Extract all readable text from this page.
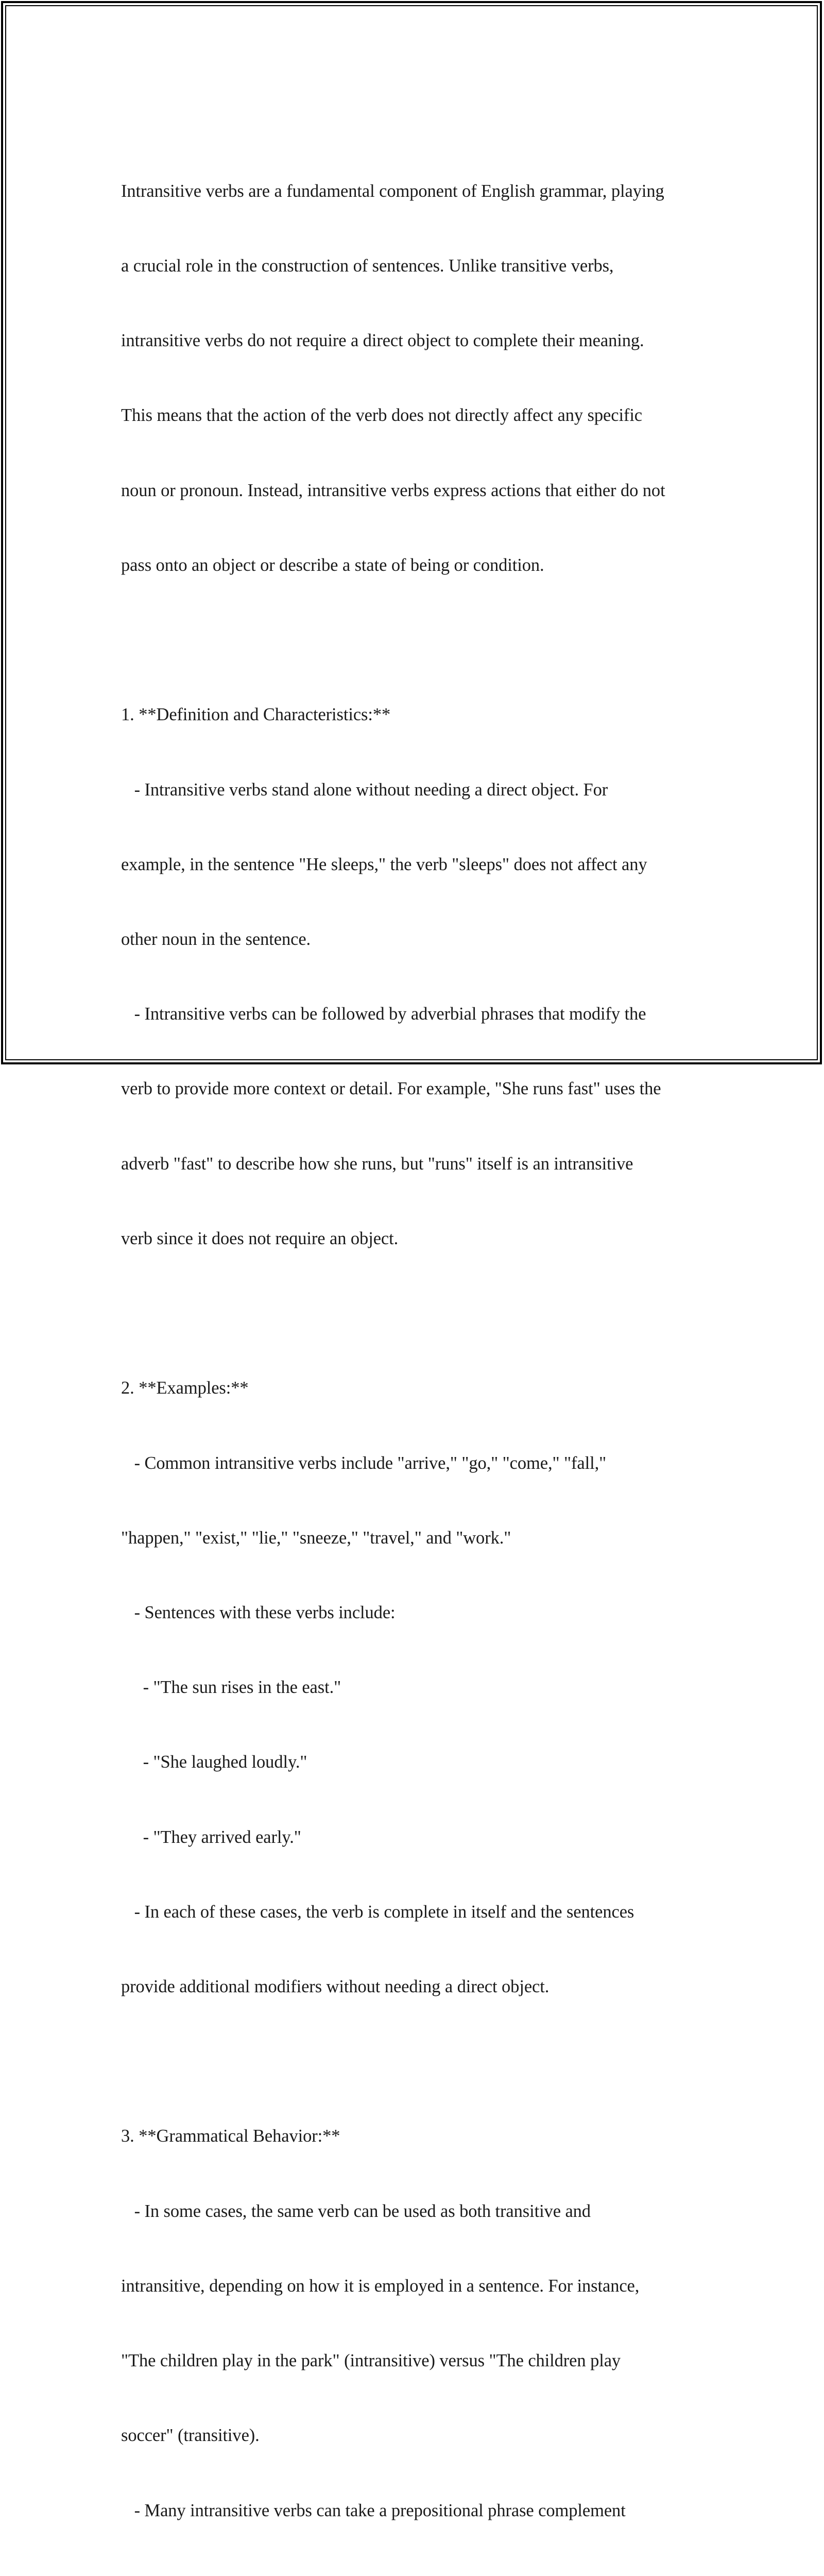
Intransitive verbs are a fundamental component of English grammar, playing

a crucial role in the construction of sentences. Unlike transitive verbs,

intransitive verbs do not require a direct object to complete their meaning.

This means that the action of the verb does not directly affect any specific

noun or pronoun. Instead, intransitive verbs express actions that either do not

pass onto an object or describe a state of being or condition.

1. **Definition and Characteristics:**

- Intransitive verbs stand alone without needing a direct object. For

example, in the sentence "He sleeps," the verb "sleeps" does not affect any

other noun in the sentence.

- Intransitive verbs can be followed by adverbial phrases that modify the

verb to provide more context or detail. For example, "She runs fast" uses the

adverb "fast" to describe how she runs, but "runs" itself is an intransitive

verb since it does not require an object.

2. **Examples:**

- Common intransitive verbs include "arrive," "go," "come," "fall,"

"happen," "exist," "lie," "sneeze," "travel," and "work."

- Sentences with these verbs include:

- "The sun rises in the east."

- "She laughed loudly."

- "They arrived early."

- In each of these cases, the verb is complete in itself and the sentences

provide additional modifiers without needing a direct object.

3. **Grammatical Behavior:**

- In some cases, the same verb can be used as both transitive and

intransitive, depending on how it is employed in a sentence. For instance,

"The children play in the park" (intransitive) versus "The children play

soccer" (transitive).

- Many intransitive verbs can take a prepositional phrase complement
